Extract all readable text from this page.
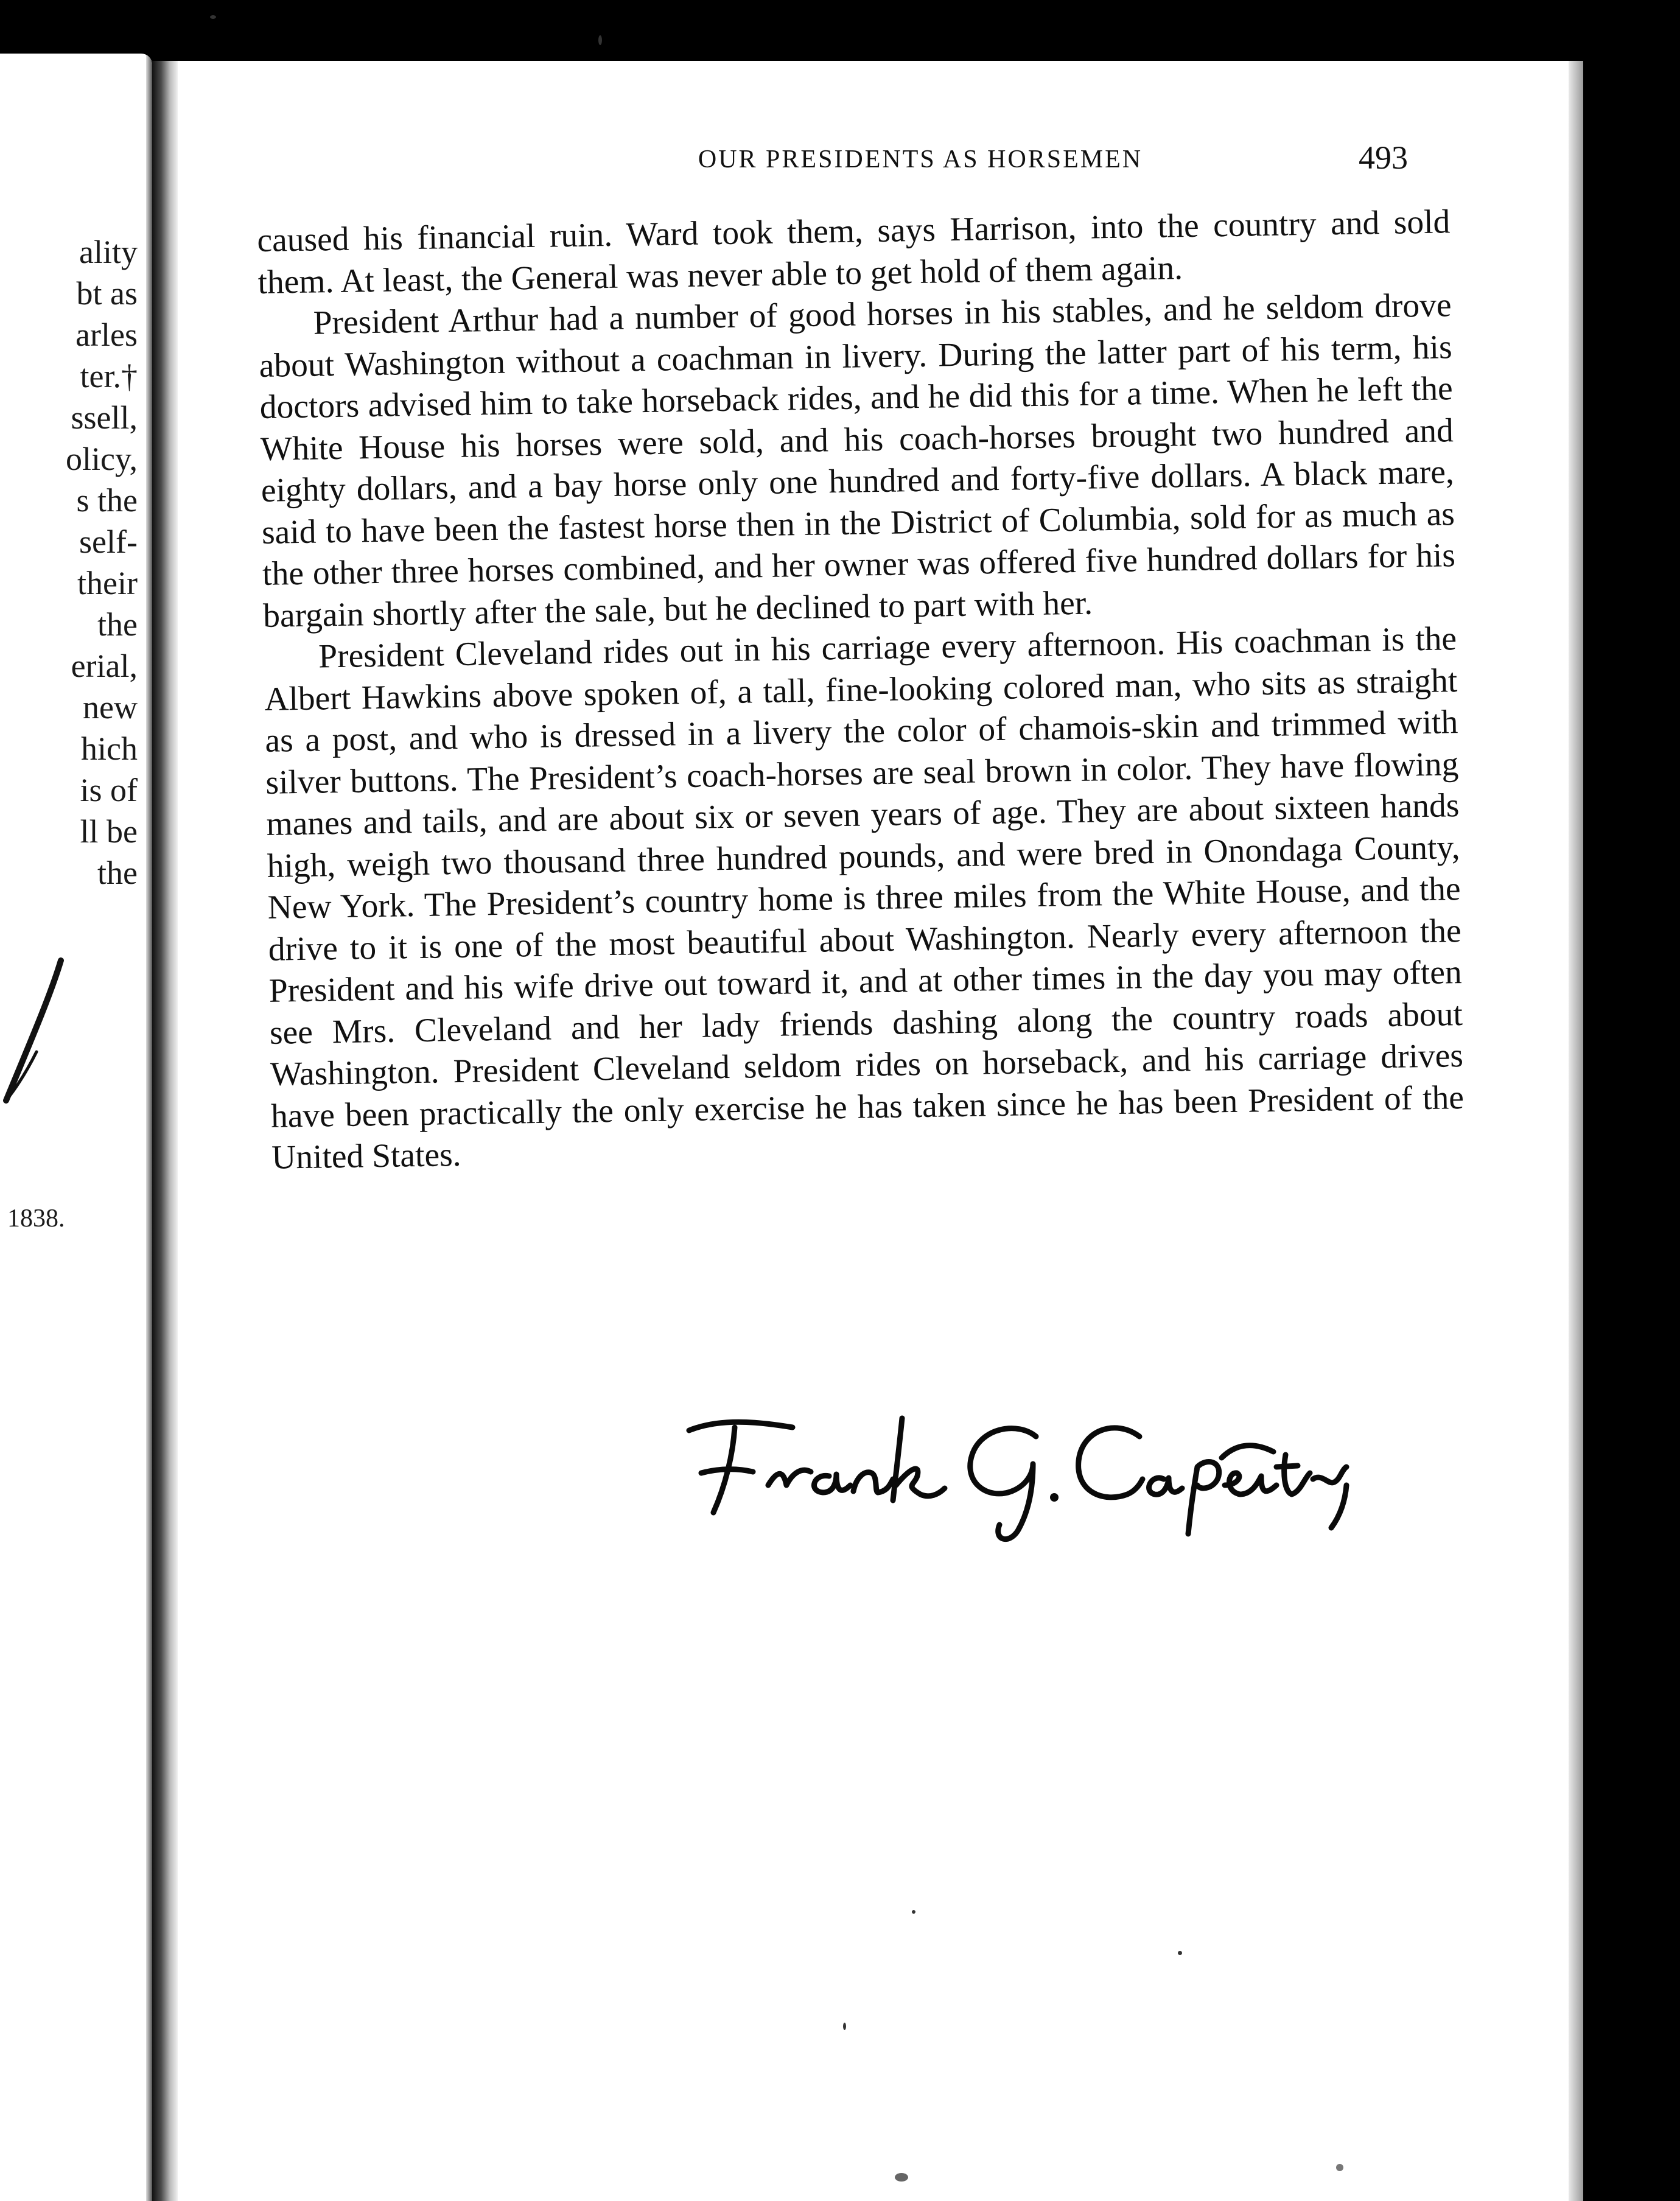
ality
bt as
arles
ter.†
ssell,
olicy,
s the
self-
their
the
erial,
new
hich
is of
ll be
the
1838.
OUR PRESIDENTS AS HORSEMEN	493

caused his financial ruin. Ward took them, says Harrison, into the country and sold them. At least, the General was never able to get hold of them again.

President Arthur had a number of good horses in his stables, and he seldom drove about Washington without a coachman in livery. During the latter part of his term, his doctors advised him to take horseback rides, and he did this for a time. When he left the White House his horses were sold, and his coach-horses brought two hundred and eighty dollars, and a bay horse only one hundred and forty-five dollars. A black mare, said to have been the fastest horse then in the District of Columbia, sold for as much as the other three horses combined, and her owner was offered five hundred dollars for his bargain shortly after the sale, but he declined to part with her.

President Cleveland rides out in his carriage every afternoon. His coachman is the Albert Hawkins above spoken of, a tall, fine-looking colored man, who sits as straight as a post, and who is dressed in a livery the color of chamois-skin and trimmed with silver buttons. The President’s coach-horses are seal brown in color. They have flowing manes and tails, and are about six or seven years of age. They are about sixteen hands high, weigh two thousand three hundred pounds, and were bred in Onondaga County, New York. The President’s country home is three miles from the White House, and the drive to it is one of the most beautiful about Washington. Nearly every afternoon the President and his wife drive out toward it, and at other times in the day you may often see Mrs. Cleveland and her lady friends dashing along the country roads about Washington. President Cleveland seldom rides on horseback, and his carriage drives have been practically the only exercise he has taken since he has been President of the United States.
